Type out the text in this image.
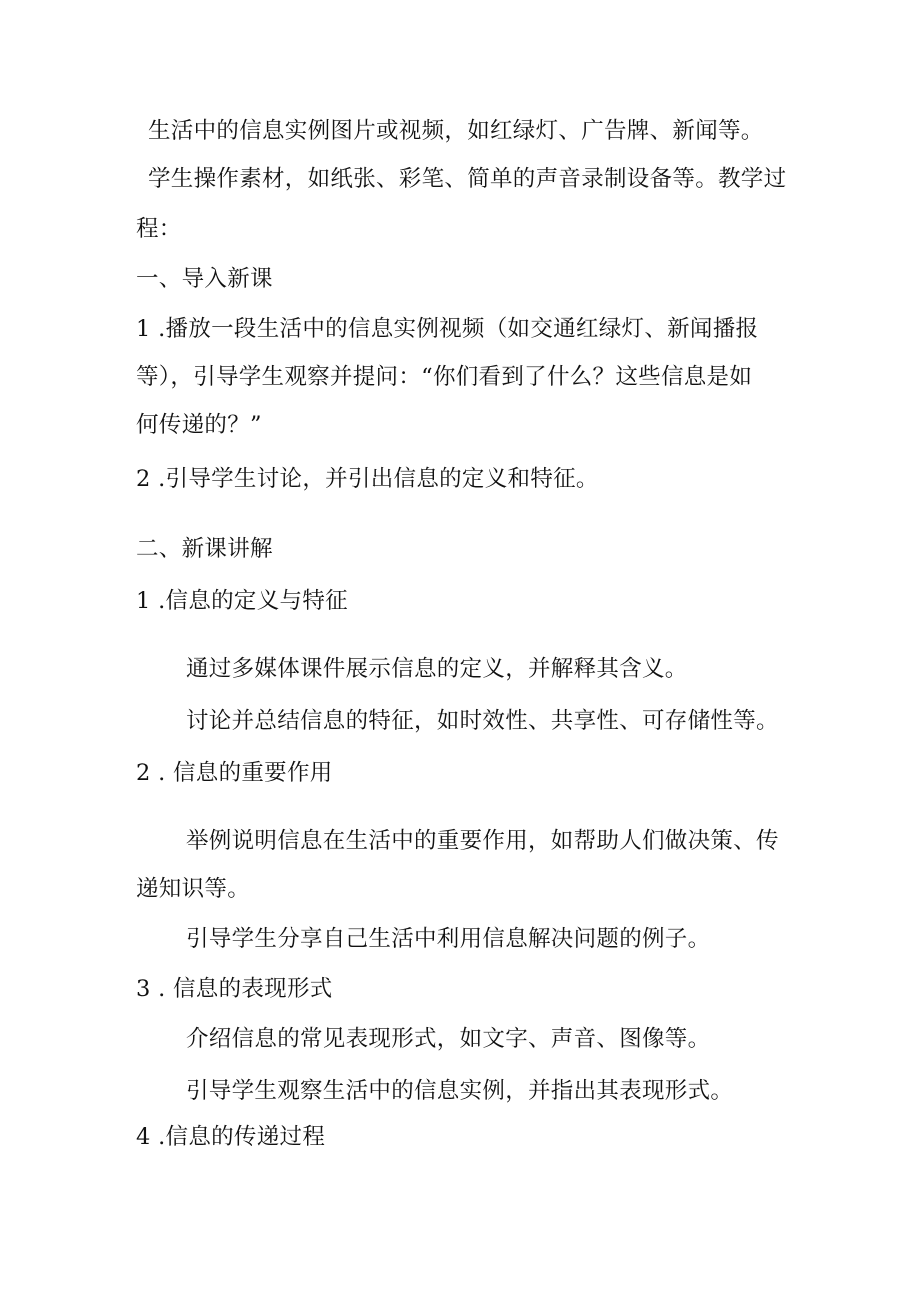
生活中的信息实例图片或视频，如红绿灯、广告牌、新闻等。
学生操作素材，如纸张、彩笔、简单的声音录制设备等。教学过
程：
一、导入新课
1 .播放一段生活中的信息实例视频（如交通红绿灯、新闻播报
等），引导学生观察并提问：“你们看到了什么？这些信息是如
何传递的？”
2 .引导学生讨论，并引出信息的定义和特征。
二、新课讲解
1 .信息的定义与特征
通过多媒体课件展示信息的定义，并解释其含义。
讨论并总结信息的特征，如时效性、共享性、可存储性等。
2 . 信息的重要作用
举例说明信息在生活中的重要作用，如帮助人们做决策、传
递知识等。
引导学生分享自己生活中利用信息解决问题的例子。
3 . 信息的表现形式
介绍信息的常见表现形式，如文字、声音、图像等。
引导学生观察生活中的信息实例，并指出其表现形式。
4 .信息的传递过程
